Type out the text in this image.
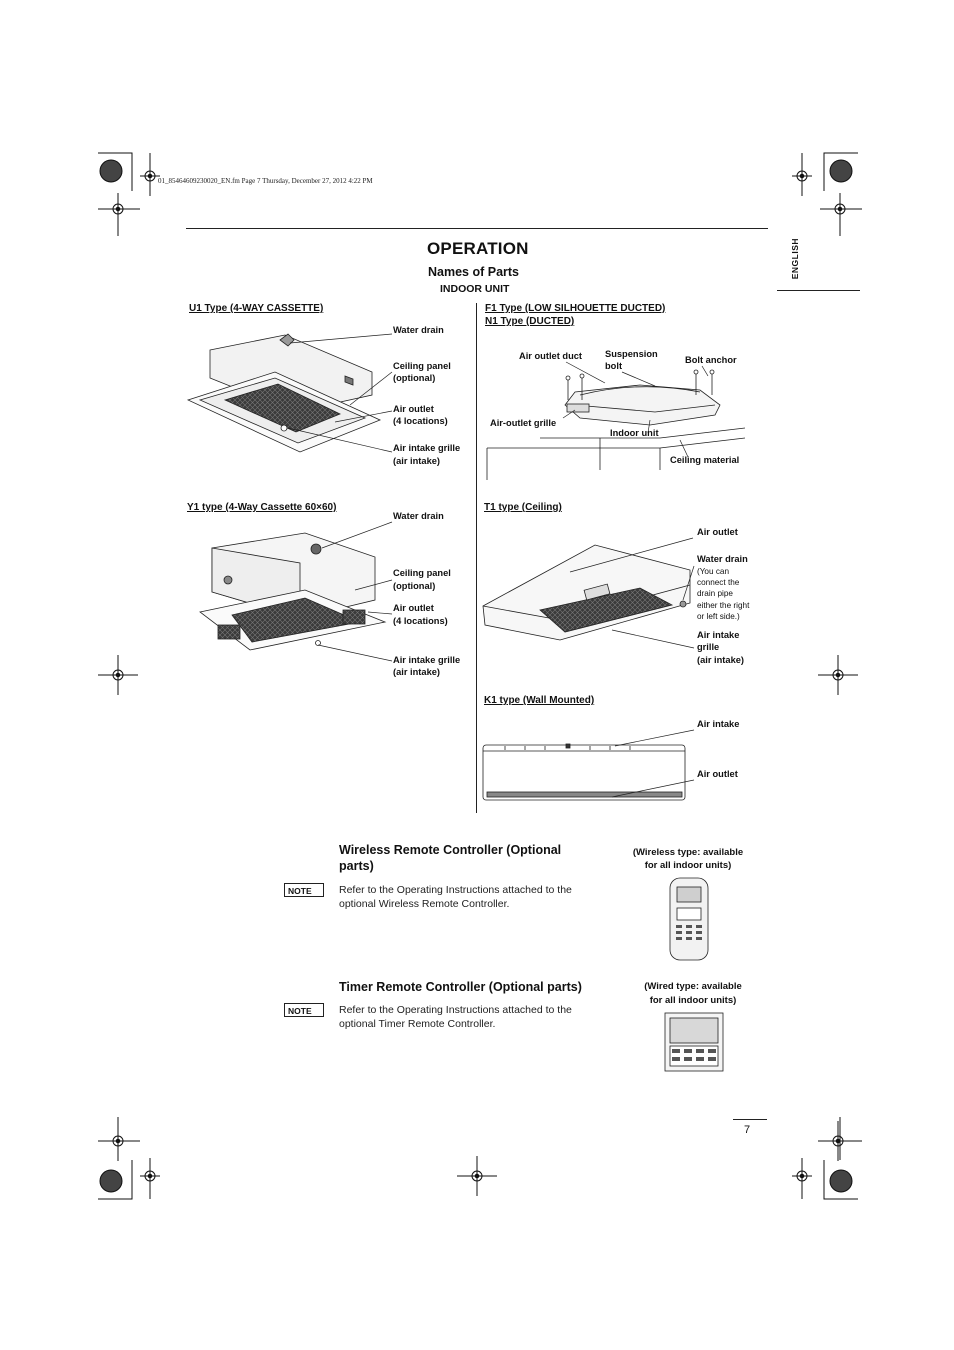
01_85464609230020_EN.fm Page 7 Thursday, December 27, 2012 4:22 PM
ENGLISH
OPERATION
Names of Parts
INDOOR UNIT
U1 Type (4-WAY CASSETTE)
Water drain
Ceiling panel
(optional)
Air outlet
(4 locations)
Air intake grille
(air intake)
F1 Type (LOW SILHOUETTE DUCTED)
N1 Type (DUCTED)
Air outlet duct Suspension
bolt
Bolt anchor
Air-outlet grille
Indoor unit
Ceiling material
Y1 type (4-Way Cassette 60×60)
Water drain
Ceiling panel
(optional)
Air outlet
(4 locations)
Air intake grille
(air intake)
T1 type (Ceiling)
Air outlet
Water drain
(You can
connect the
drain pipe
either the right
or left side.)
Air intake
grille
(air intake)
K1 type (Wall Mounted)
Air intake
Air outlet
Wireless Remote Controller (Optional parts)
NOTE	Refer to the Operating Instructions attached to the optional Wireless Remote Controller.
(Wireless type: available
for all indoor units)
Timer Remote Controller (Optional parts)
NOTE	Refer to the Operating Instructions attached to the optional Timer Remote Controller.
(Wired type: available
for all indoor units)
7
